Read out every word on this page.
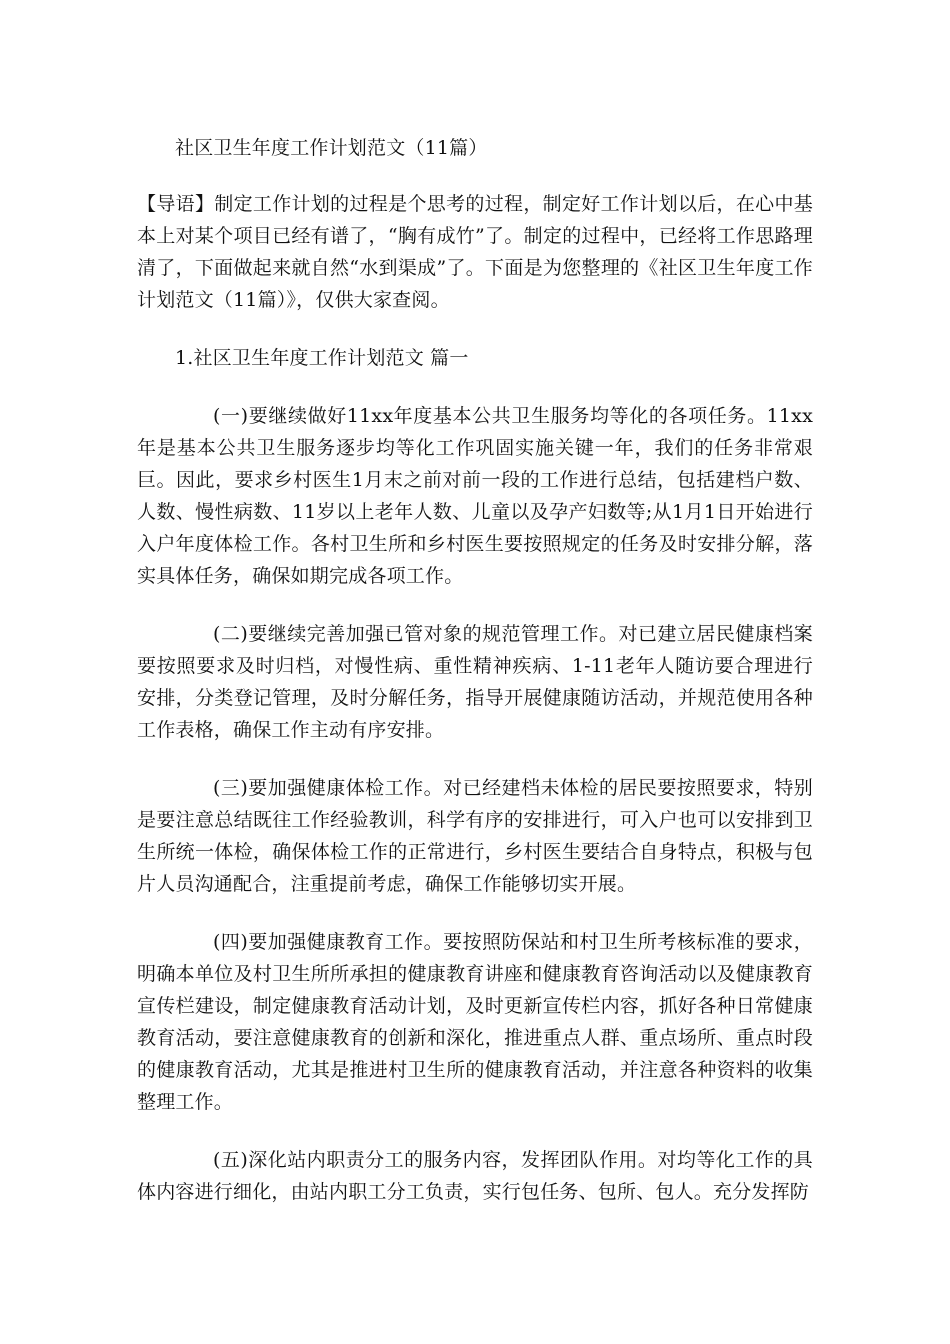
社区卫生年度工作计划范文（11篇）

【导语】制定工作计划的过程是个思考的过程，制定好工作计划以后，在心中基本上对某个项目已经有谱了，“胸有成竹”了。制定的过程中，已经将工作思路理清了，下面做起来就自然“水到渠成”了。下面是为您整理的《社区卫生年度工作计划范文（11篇）》，仅供大家查阅。

1.社区卫生年度工作计划范文 篇一

(一)要继续做好11xx年度基本公共卫生服务均等化的各项任务。11xx年是基本公共卫生服务逐步均等化工作巩固实施关键一年，我们的任务非常艰巨。因此，要求乡村医生1月末之前对前一段的工作进行总结，包括建档户数、人数、慢性病数、11岁以上老年人数、儿童以及孕产妇数等;从1月1日开始进行入户年度体检工作。各村卫生所和乡村医生要按照规定的任务及时安排分解，落实具体任务，确保如期完成各项工作。

(二)要继续完善加强已管对象的规范管理工作。对已建立居民健康档案要按照要求及时归档，对慢性病、重性精神疾病、1-11老年人随访要合理进行安排，分类登记管理，及时分解任务，指导开展健康随访活动，并规范使用各种工作表格，确保工作主动有序安排。

(三)要加强健康体检工作。对已经建档未体检的居民要按照要求，特别是要注意总结既往工作经验教训，科学有序的安排进行，可入户也可以安排到卫生所统一体检，确保体检工作的正常进行，乡村医生要结合自身特点，积极与包片人员沟通配合，注重提前考虑，确保工作能够切实开展。

(四)要加强健康教育工作。要按照防保站和村卫生所考核标准的要求，明确本单位及村卫生所所承担的健康教育讲座和健康教育咨询活动以及健康教育宣传栏建设，制定健康教育活动计划，及时更新宣传栏内容，抓好各种日常健康教育活动，要注意健康教育的创新和深化，推进重点人群、重点场所、重点时段的健康教育活动，尤其是推进村卫生所的健康教育活动，并注意各种资料的收集整理工作。

(五)深化站内职责分工的服务内容，发挥团队作用。对均等化工作的具体内容进行细化，由站内职工分工负责，实行包任务、包所、包人。充分发挥防
